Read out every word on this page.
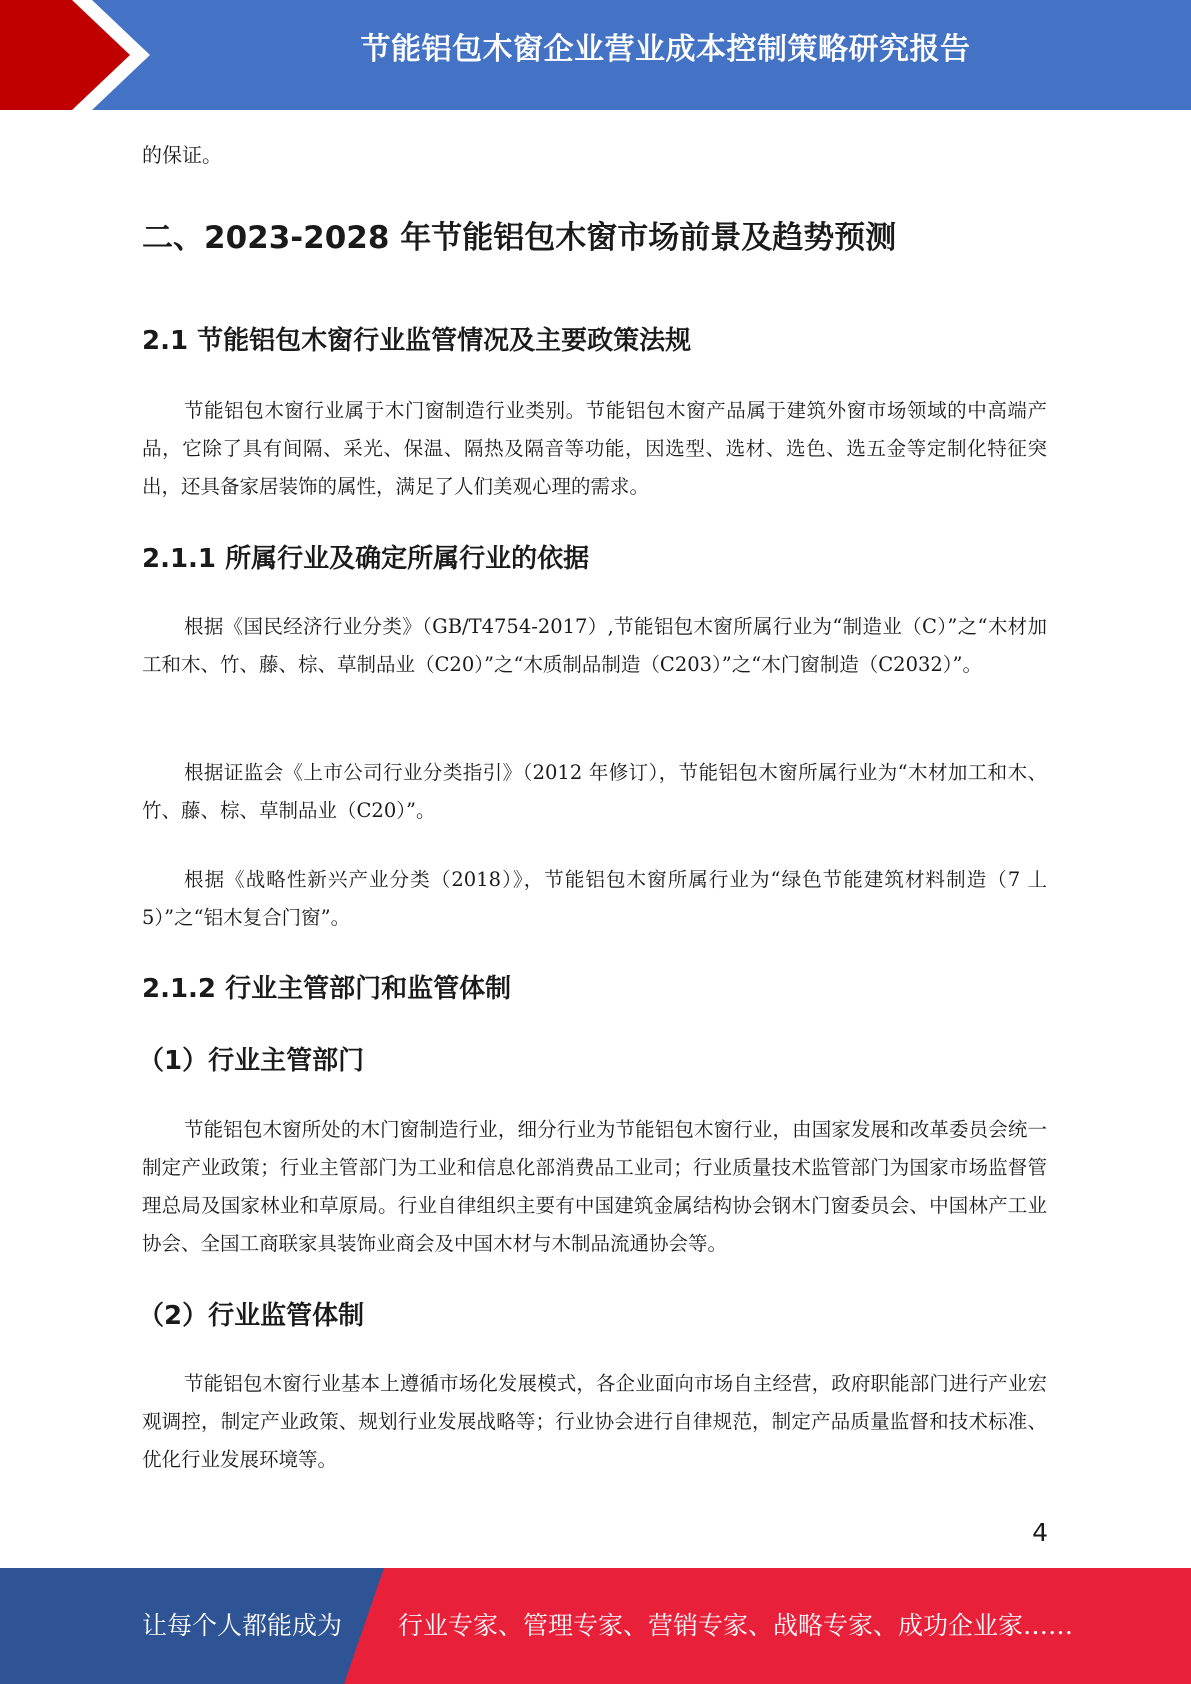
节能铝包木窗企业营业成本控制策略研究报告

的保证。

二、2023-2028 年节能铝包木窗市场前景及趋势预测
2.1 节能铝包木窗行业监管情况及主要政策法规

节能铝包木窗行业属于木门窗制造行业类别。节能铝包木窗产品属于建筑外窗市场领域的中高端产品，它除了具有间隔、采光、保温、隔热及隔音等功能，因选型、选材、选色、选五金等定制化特征突出，还具备家居装饰的属性，满足了人们美观心理的需求。

2.1.1 所属行业及确定所属行业的依据

根据《国民经济行业分类》（GB/T4754-2017）,节能铝包木窗所属行业为“制造业（C）”之“木材加工和木、竹、藤、棕、草制品业（C20）”之“木质制品制造（C203）”之“木门窗制造（C2032）”。

根据证监会《上市公司行业分类指引》（2012 年修订），节能铝包木窗所属行业为“木材加工和木、竹、藤、棕、草制品业（C20）”。

根据《战略性新兴产业分类（2018）》，节能铝包木窗所属行业为“绿色节能建筑材料制造（7 丄 5）”之“铝木复合门窗”。

2.1.2 行业主管部门和监管体制
（1）行业主管部门

节能铝包木窗所处的木门窗制造行业，细分行业为节能铝包木窗行业，由国家发展和改革委员会统一制定产业政策；行业主管部门为工业和信息化部消费品工业司；行业质量技术监管部门为国家市场监督管理总局及国家林业和草原局。行业自律组织主要有中国建筑金属结构协会钢木门窗委员会、中国林产工业协会、全国工商联家具装饰业商会及中国木材与木制品流通协会等。

（2）行业监管体制

节能铝包木窗行业基本上遵循市场化发展模式，各企业面向市场自主经营，政府职能部门进行产业宏观调控，制定产业政策、规划行业发展战略等；行业协会进行自律规范，制定产品质量监督和技术标准、优化行业发展环境等。

4
让每个人都能成为 行业专家、管理专家、营销专家、战略专家、成功企业家……
